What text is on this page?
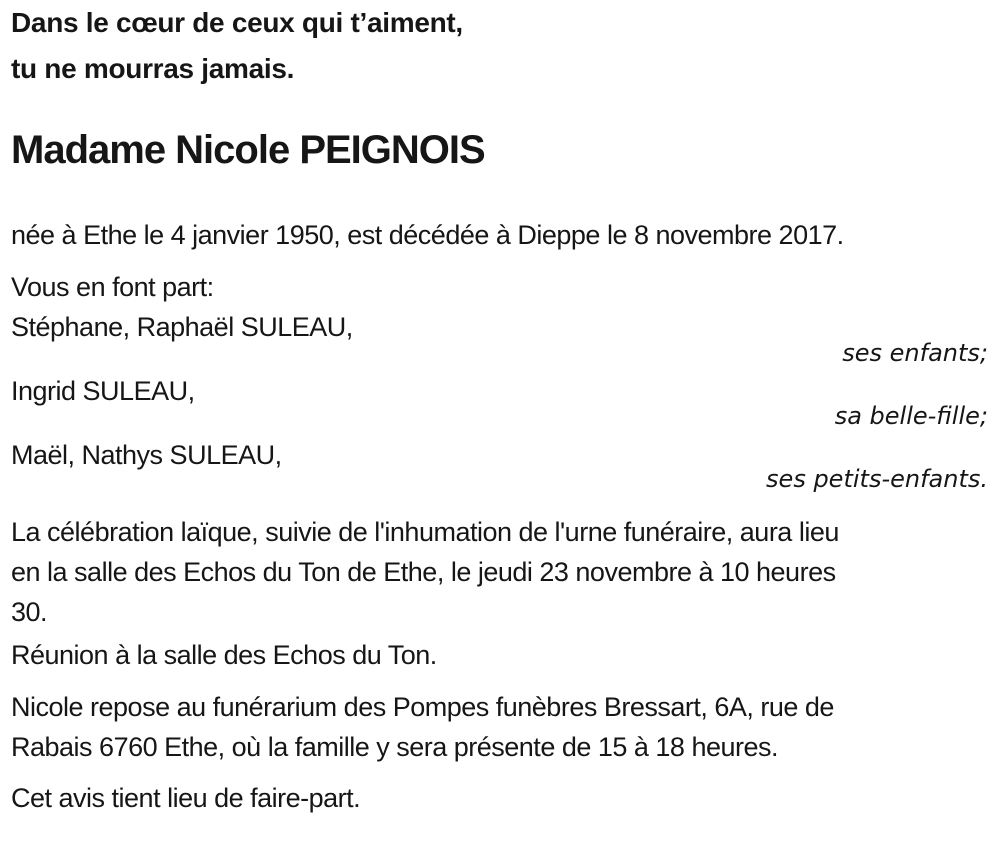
Dans le cœur de ceux qui t’aiment,
tu ne mourras jamais.
Madame Nicole PEIGNOIS
née à Ethe le 4 janvier 1950, est décédée à Dieppe le 8 novembre 2017.
Vous en font part:
Stéphane, Raphaël SULEAU,
ses enfants;
Ingrid SULEAU,
sa belle-fille;
Maël, Nathys SULEAU,
ses petits-enfants.
La célébration laïque, suivie de l'inhumation de l'urne funéraire, aura lieu
en la salle des Echos du Ton de Ethe, le jeudi 23 novembre à 10 heures
30.
Réunion à la salle des Echos du Ton.
Nicole repose au funérarium des Pompes funèbres Bressart, 6A, rue de
Rabais 6760 Ethe, où la famille y sera présente de 15 à 18 heures.
Cet avis tient lieu de faire-part.
